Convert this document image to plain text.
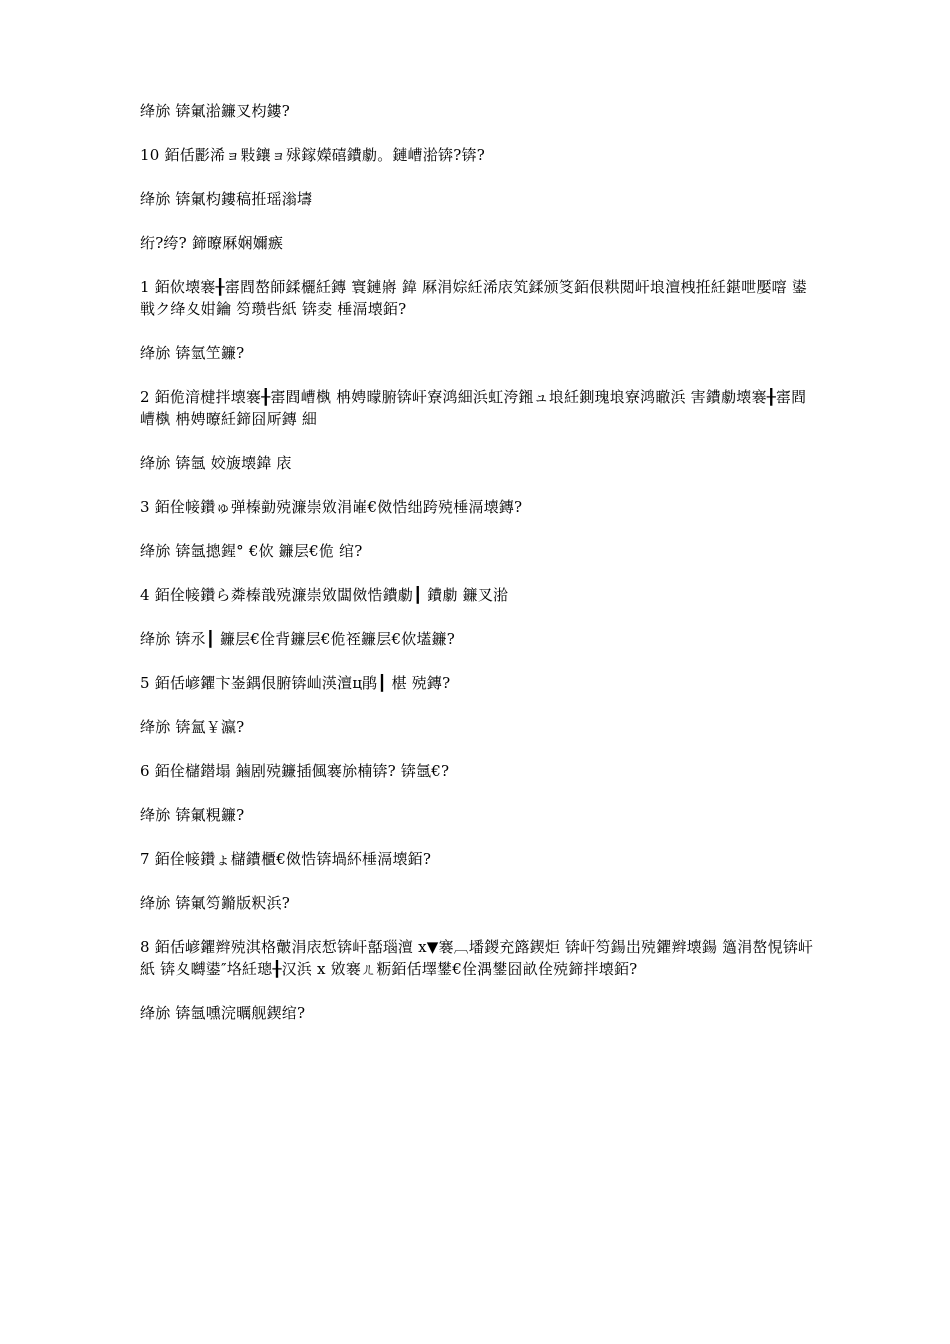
绛旀 锛氭湁鐮叉枃鏤?

10 銆佸彲浠ョ敤鑲ョ殏鎵嬫礂鐨勮。鏈嶆湁锛?锛?

绛旀 锛氭枃鏤稿拰瑶滃壔

绗?绔? 鍗曢厤娴嬭瘯

1 銆佽壊褰╂寚閰嶅師鍒欐紝鏄 寰鏈嶈 鍏 厤涓婃紝浠庡笂鍒颁笅銆佷粠閲屽埌澶栧拰紝鍖呭嬮噾 鍙戦ク绛夊姏鑰 笉瓒呰紙 锛夌 棰滆壊銆?

绛旀 锛氫笁鐮?

2 銆佹湇楗拌壊褰╂寚閰嶆槸 柟娉曚腑锛屽寮鸿細浜虹洿鎺ュ埌紝鍘瑰埌寮鸿瞮浜 害鐨勮壊褰╂寚閰嶆槸 柟娉曢紝鍗囧厛鏄 細

绛旀 锛氬 姣旇壊鍏 庡

3 銆佺帹鑽ゅ弹榛勭殑濂崇敓涓嶉€傚悎绌跨殑棰滆壊鏄?

绛旀 锛氬摠鍟° €佽 鐮层€佹 绾?

4 銆佺帹鑽ら粦榛戠殑濂崇敓闆傚悎鐨勮┃ 鐨勮 鐮叉湁

绛旀 锛氶┃ 鐮层€佺背鐮层€佹祬鐮层€佽壒鐮?

5 銆佸嵃鑺卞崟鍝佷腑锛屾渶澶ц鹃┃ 椹 殑鏄?

绛旀 锛氳￥瀛?

6 銆佺櫧鐟塌 鏀剧殑鐮插偑褰旀楠锛? 锛氬€?

绛旀 锛氭粯鐮?

7 銆佺帹鑽ょ櫧鐨櫃€傚悎锛堝紑棰滆壊銆?

绛旀 锛氭笉鏅版粎浜?

8 銆佸嵃鑺辫殑淇格皾涓庡惁锛屽嚭瑙澶 x▼褰︹墦鍐充簬鍥炬 锛屽笉鍚岀殑鑺辫壊鍚 簻涓嶅悓锛屽紙 锛夊嚩鍙″垎紝璁╂汉浜 x 敓褰ㄦ粝銆佸墿鐢€佺湡鐢囧畝佺殑鍗拌壊銆?

绛旀 锛氬嚑浣曞舰鍥绾?
